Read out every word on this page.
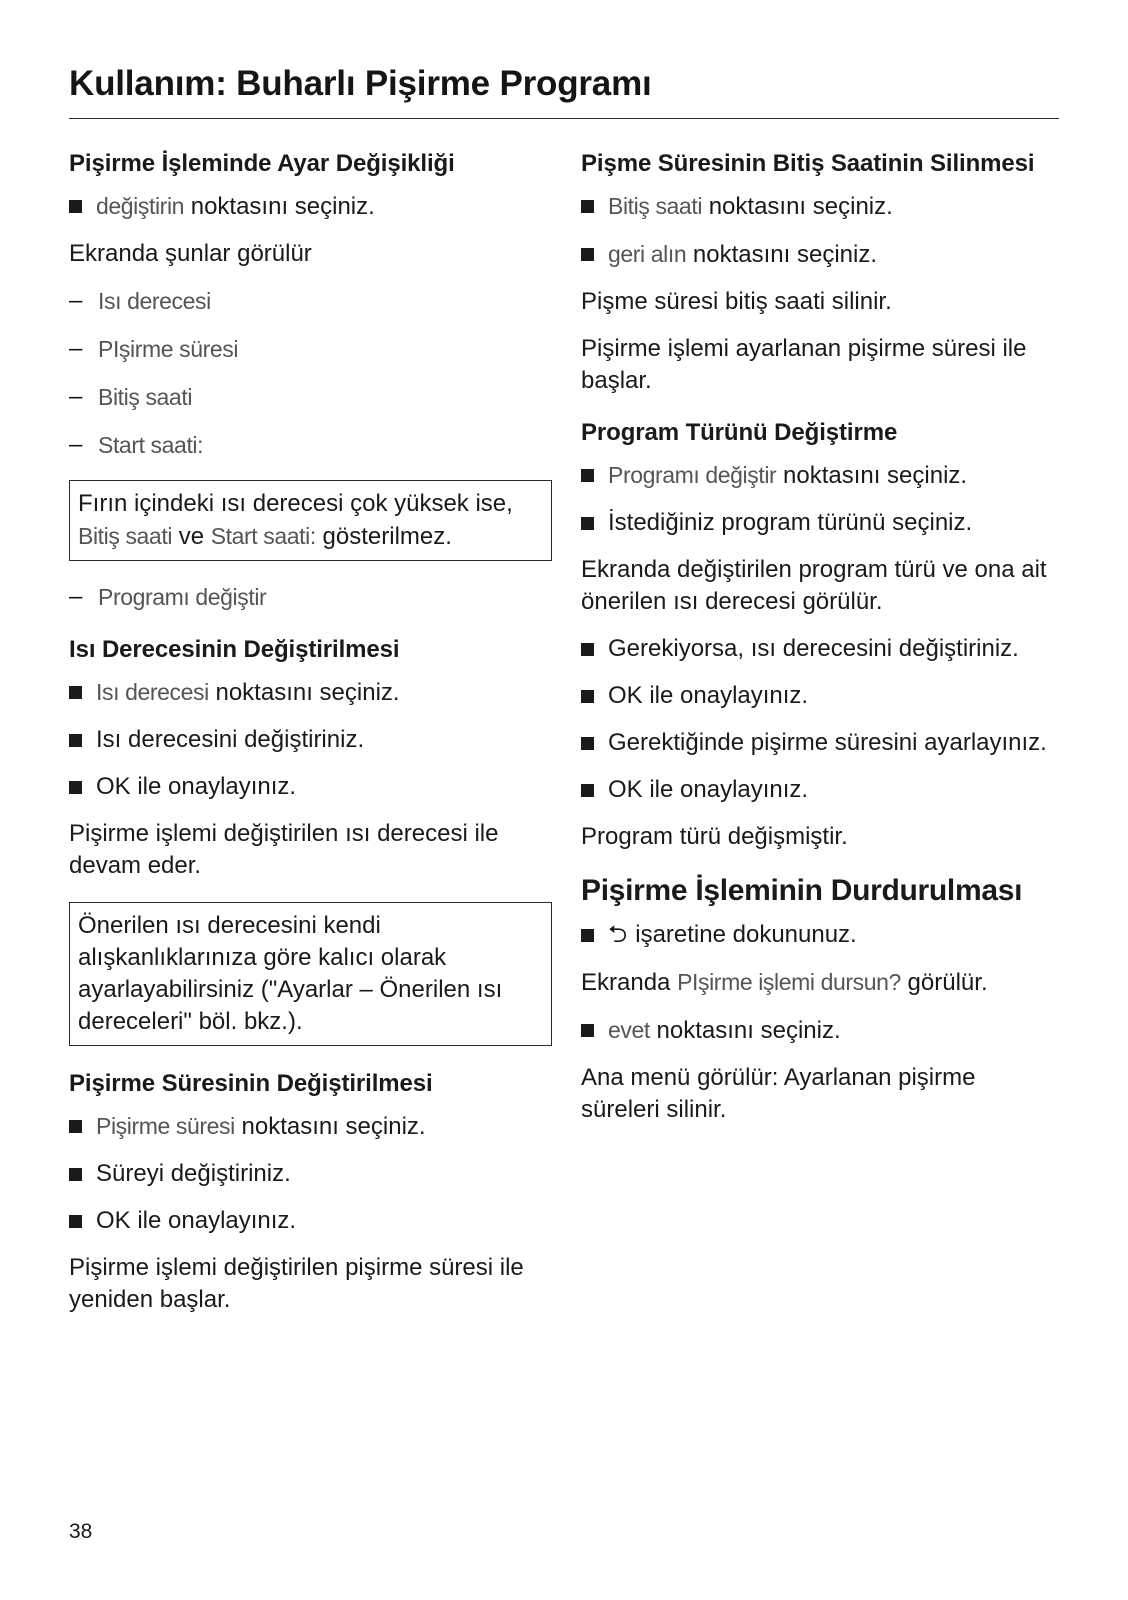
Kullanım: Buharlı Pişirme Programı
Pişirme İşleminde Ayar Değişikliği
değiştirin noktasını seçiniz.

Ekranda şunlar görülür

– Isı derecesi
– PIşirme süresi
– Bitiş saati
– Start saati:

Fırın içindeki ısı derecesi çok yüksek ise, Bitiş saati ve Start saati: gösterilmez.

– Programı değiştir
Isı Derecesinin Değiştirilmesi
Isı derecesi noktasını seçiniz.
Isı derecesini değiştiriniz.
OK ile onaylayınız.

Pişirme işlemi değiştirilen ısı derecesi ile devam eder.

Önerilen ısı derecesini kendi alışkanlıklarınıza göre kalıcı olarak ayarlayabilirsiniz ("Ayarlar – Önerilen ısı dereceleri" böl. bkz.).

Pişirme Süresinin Değiştirilmesi
Pişirme süresi noktasını seçiniz.
Süreyi değiştiriniz.
OK ile onaylayınız.

Pişirme işlemi değiştirilen pişirme süresi ile yeniden başlar.

Pişme Süresinin Bitiş Saatinin Silinmesi
Bitiş saati noktasını seçiniz.
geri alın noktasını seçiniz.

Pişme süresi bitiş saati silinir.

Pişirme işlemi ayarlanan pişirme süresi ile başlar.

Program Türünü Değiştirme
Programı değiştir noktasını seçiniz.
İstediğiniz program türünü seçiniz.

Ekranda değiştirilen program türü ve ona ait önerilen ısı derecesi görülür.

Gerekiyorsa, ısı derecesini değiştiriniz.
OK ile onaylayınız.
Gerektiğinde pişirme süresini ayarlayınız.
OK ile onaylayınız.

Program türü değişmiştir.

Pişirme İşleminin Durdurulması
⮌ işaretine dokununuz.

Ekranda PIşirme işlemi dursun? görülür.

evet noktasını seçiniz.

Ana menü görülür: Ayarlanan pişirme süreleri silinir.

38
